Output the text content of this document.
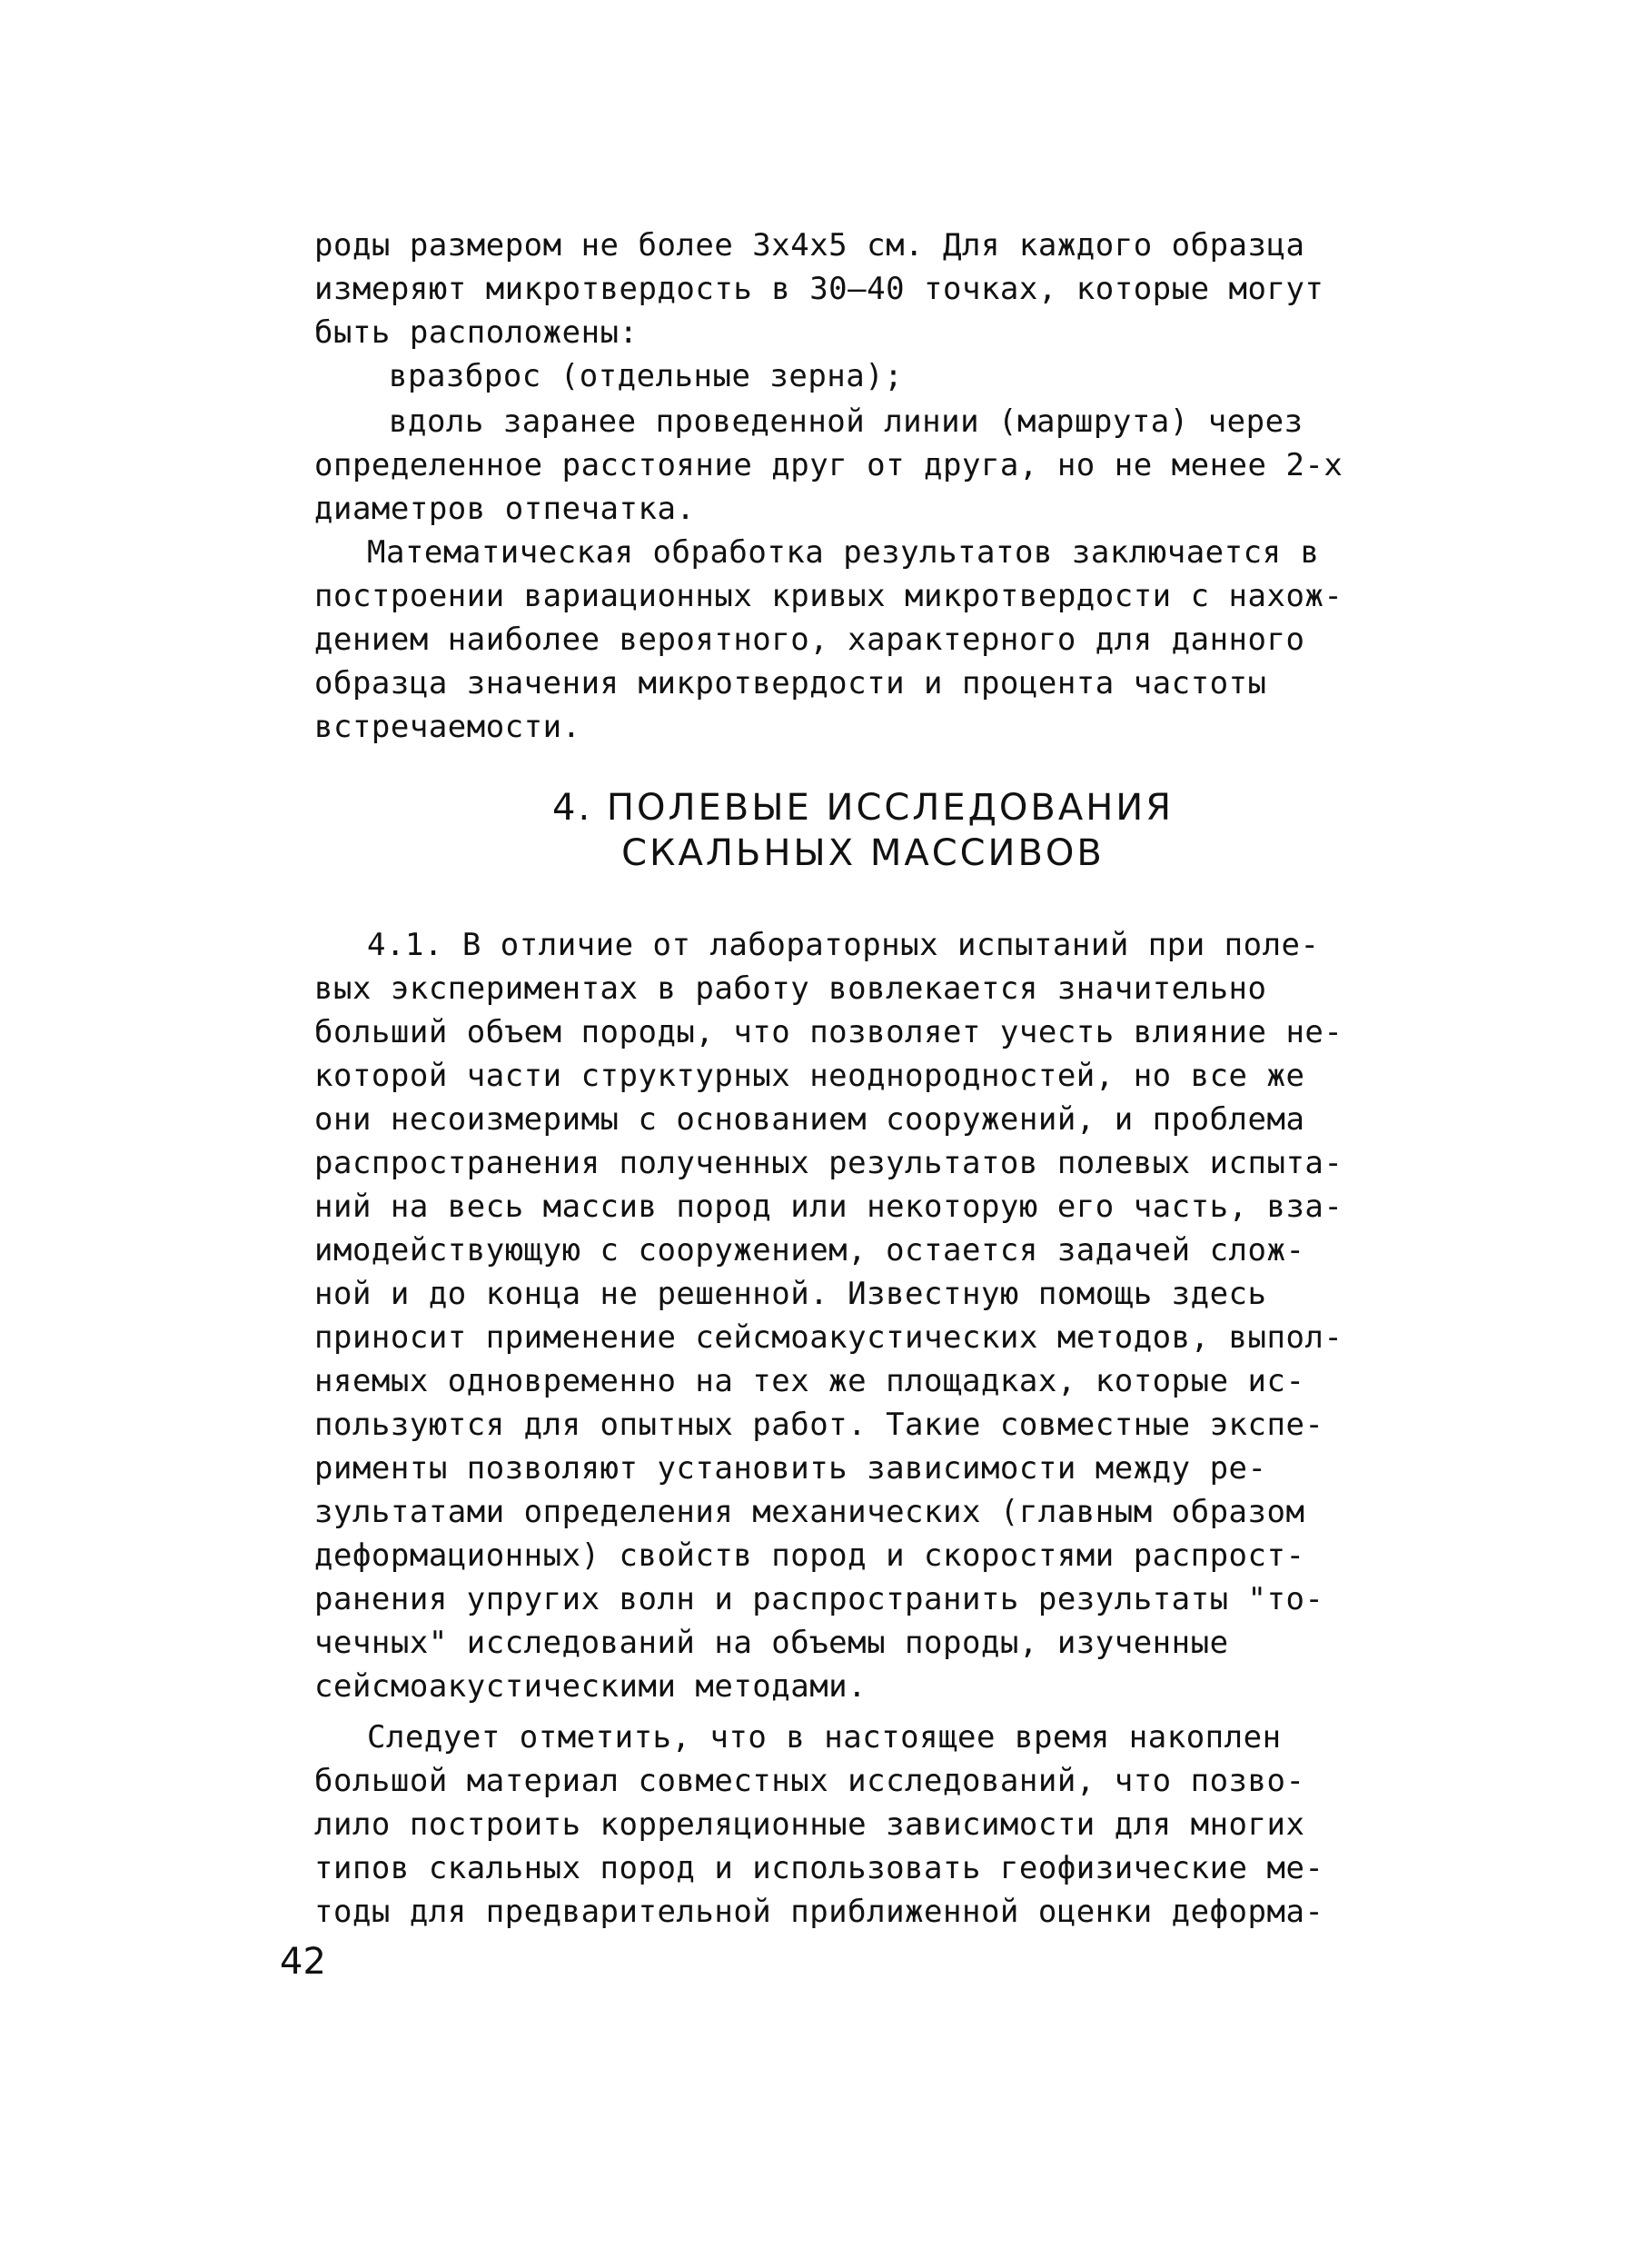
роды размером не более 3x4x5 см. Для каждого образца
измеряют микротвердость в 30–40 точках, которые могут
быть расположены:
вразброс (отдельные зерна);
вдоль заранее проведенной линии (маршрута) через
определенное расстояние друг от друга, но не менее 2-х
диаметров отпечатка.
Математическая обработка результатов заключается в
построении вариационных кривых микротвердости с нахож-
дением наиболее вероятного, характерного для данного
образца значения микротвердости и процента частоты
встречаемости.
4. ПОЛЕВЫЕ ИССЛЕДОВАНИЯ
СКАЛЬНЫХ МАССИВОВ
4.1. В отличие от лабораторных испытаний при поле-
вых экспериментах в работу вовлекается значительно
больший объем породы, что позволяет учесть влияние не-
которой части структурных неоднородностей, но все же
они несоизмеримы с основанием сооружений, и проблема
распространения полученных результатов полевых испыта-
ний на весь массив пород или некоторую его часть, вза-
имодействующую с сооружением, остается задачей слож-
ной и до конца не решенной. Известную помощь здесь
приносит применение сейсмоакустических методов, выпол-
няемых одновременно на тех же площадках, которые ис-
пользуются для опытных работ. Такие совместные экспе-
рименты позволяют установить зависимости между ре-
зультатами определения механических (главным образом
деформационных) свойств пород и скоростями распрост-
ранения упругих волн и распространить результаты "то-
чечных" исследований на объемы породы, изученные
сейсмоакустическими методами.
Следует отметить, что в настоящее время накоплен
большой материал совместных исследований, что позво-
лило построить корреляционные зависимости для многих
типов скальных пород и использовать геофизические ме-
тоды для предварительной приближенной оценки деформа-
42
